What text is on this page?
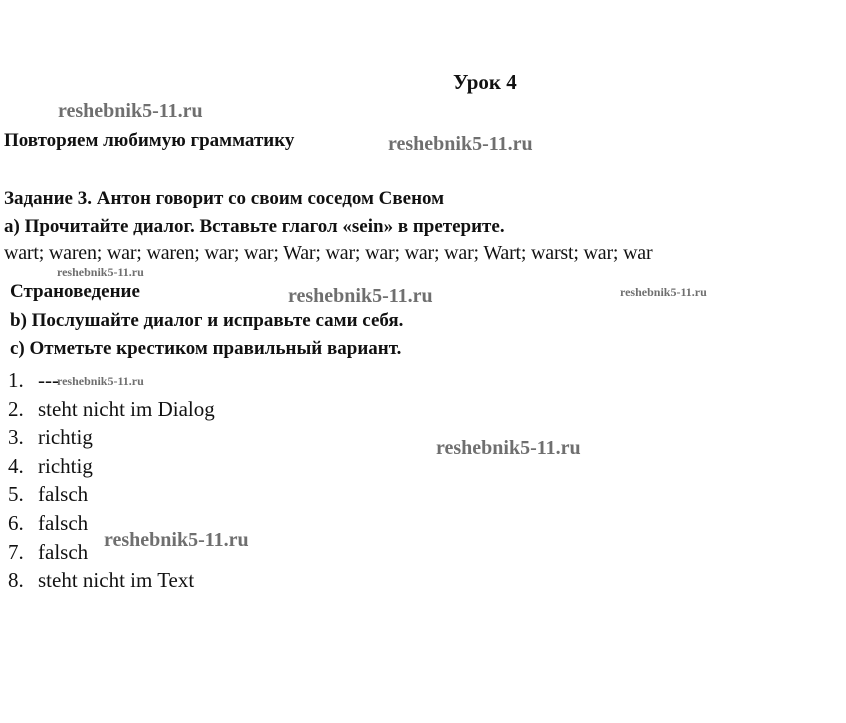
Урок 4
Повторяем любимую грамматику
Задание 3. Антон говорит со своим соседом Свеном
а) Прочитайте диалог. Вставьте глагол «sein» в претерите.
wart; waren; war; waren; war; war; War; war; war; war; war; Wart; warst; war; war
Страноведение
b) Послушайте диалог и исправьте сами себя.
с) Отметьте крестиком правильный вариант.
1. ---
2. steht nicht im Dialog
3. richtig
4. richtig
5. falsch
6. falsch
7. falsch
8. steht nicht im Text
reshebnik5-11.ru
reshebnik5-11.ru
reshebnik5-11.ru
reshebnik5-11.ru	reshebnik5-11.ru
reshebnik5-11.ru
reshebnik5-11.ru
reshebnik5-11.ru
